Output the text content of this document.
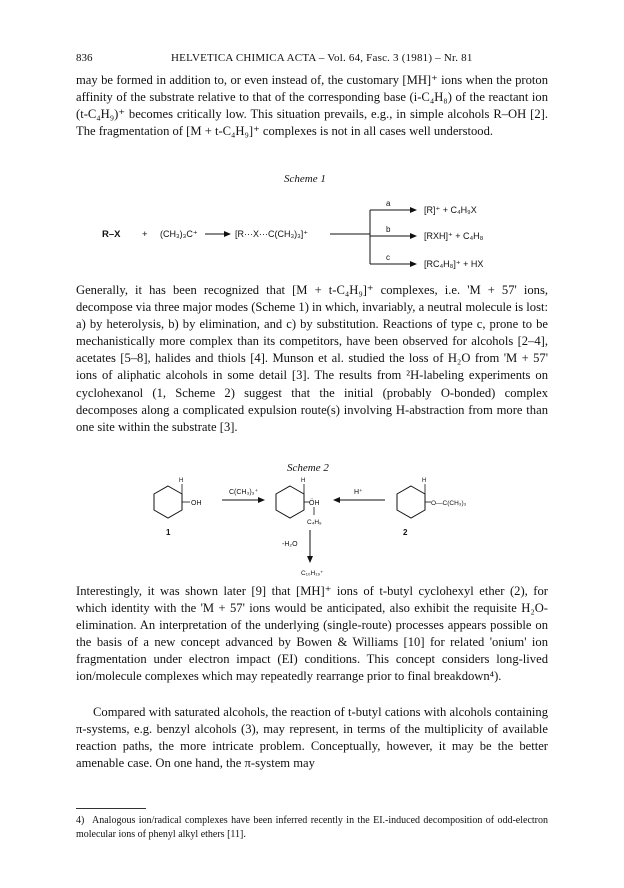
836	HELVETICA CHIMICA ACTA – Vol. 64, Fasc. 3 (1981) – Nr. 81

may be formed in addition to, or even instead of, the customary [MH]⁺ ions when the proton affinity of the substrate relative to that of the corresponding base (i-C₄H₈) of the reactant ion (t-C₄H₉)⁺ becomes critically low. This situation prevails, e.g., in simple alcohols R–OH [2]. The fragmentation of [M + t-C₄H₉]⁺ complexes is not in all cases well understood.

Scheme 1
R–X + (CH₃)₃C⁺	[R···X···C(CH₃)₃]⁺
a
b
c
[R]⁺ + C₄H₉X
[RXH]⁺ + C₄H₈
[RC₄H₈]⁺ + HX

Generally, it has been recognized that [M + t-C₄H₉]⁺ complexes, i.e. 'M + 57' ions, decompose via three major modes (Scheme 1) in which, invariably, a neutral molecule is lost: a) by heterolysis, b) by elimination, and c) by substitution. Reactions of type c, prone to be mechanistically more complex than its competitors, have been observed for alcohols [2–4], acetates [5–8], halides and thiols [4]. Munson et al. studied the loss of H₂O from 'M + 57' ions of aliphatic alcohols in some detail [3]. The results from ²H-labeling experiments on cyclohexanol (1, Scheme 2) suggest that the initial (probably O-bonded) complex decomposes along a complicated expulsion route(s) involving H-abstraction from more than one site within the substrate [3].

Scheme 2
H
OH
1
C(CH₃)₃⁺
H
ÖH
C₄H₉
H⁺
H
O—C(CH₃)₃
2
-H₂O
C₁₀H₁₉⁺

Interestingly, it was shown later [9] that [MH]⁺ ions of t-butyl cyclohexyl ether (2), for which identity with the 'M + 57' ions would be anticipated, also exhibit the requisite H₂O-elimination. An interpretation of the underlying (single-route) processes appears possible on the basis of a new concept advanced by Bowen & Williams [10] for related 'onium' ion fragmentation under electron impact (EI) conditions. This concept considers long-lived ion/molecule complexes which may repeatedly rearrange prior to final breakdown⁴).

Compared with saturated alcohols, the reaction of t-butyl cations with alcohols containing π-systems, e.g. benzyl alcohols (3), may represent, in terms of the multiplicity of available reaction paths, the more intricate problem. Conceptually, however, it may be the better amenable case. On one hand, the π-system may

4) Analogous ion/radical complexes have been inferred recently in the EI.-induced decomposition of odd-electron molecular ions of phenyl alkyl ethers [11].
